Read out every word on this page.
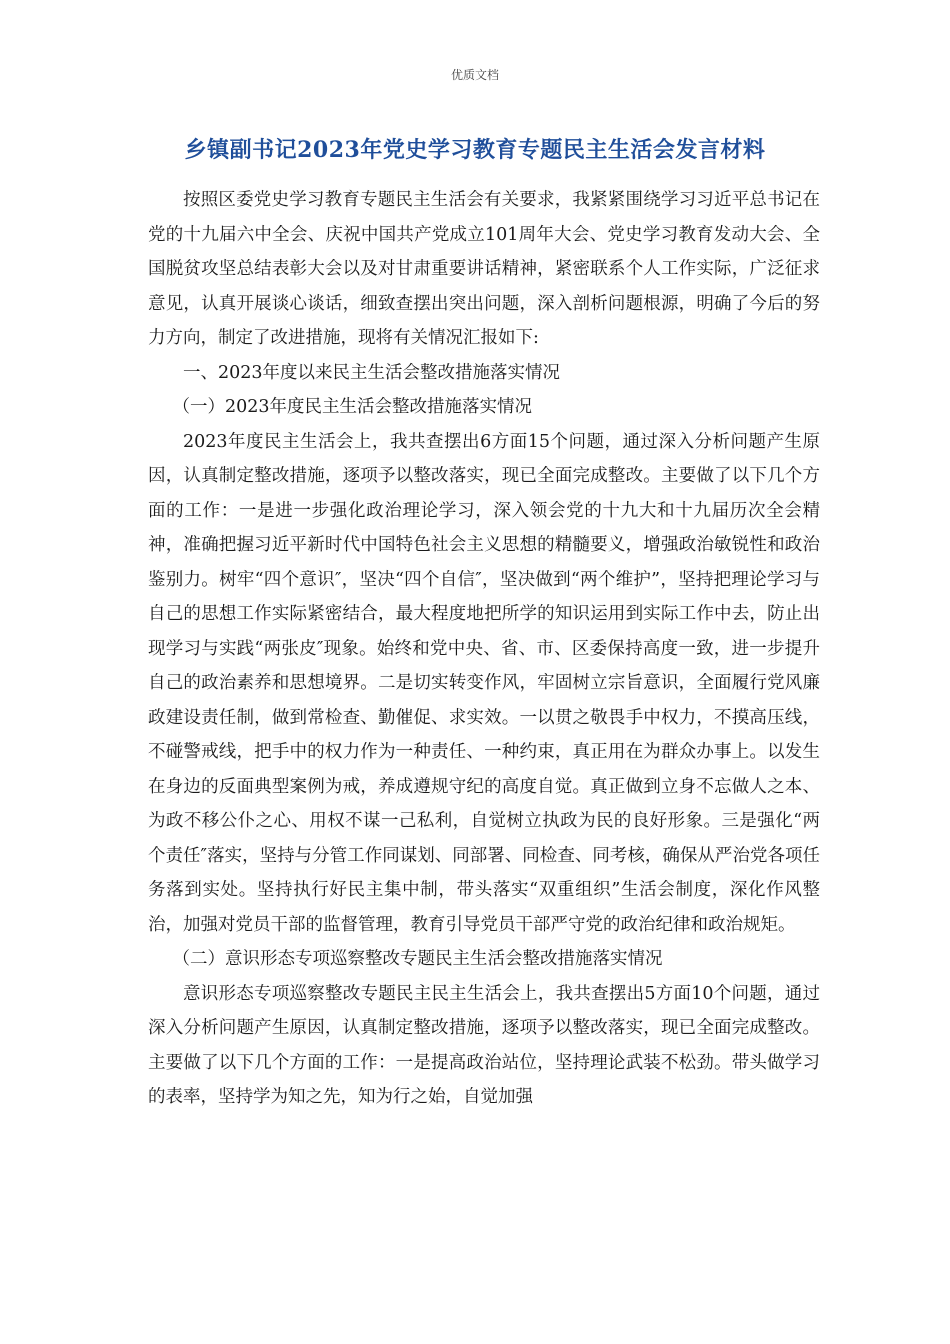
优质文档
乡镇副书记2023年党史学习教育专题民主生活会发言材料

按照区委党史学习教育专题民主生活会有关要求，我紧紧围绕学习习近平总书记在党的十九届六中全会、庆祝中国共产党成立101周年大会、党史学习教育发动大会、全国脱贫攻坚总结表彰大会以及对甘肃重要讲话精神，紧密联系个人工作实际，广泛征求意见，认真开展谈心谈话，细致查摆出突出问题，深入剖析问题根源，明确了今后的努力方向，制定了改进措施，现将有关情况汇报如下:

一、2023年度以来民主生活会整改措施落实情况

（一）2023年度民主生活会整改措施落实情况

2023年度民主生活会上，我共查摆出6方面15个问题，通过深入分析问题产生原因，认真制定整改措施，逐项予以整改落实，现已全面完成整改。主要做了以下几个方面的工作：一是进一步强化政治理论学习，深入领会党的十九大和十九届历次全会精神，准确把握习近平新时代中国特色社会主义思想的精髓要义，增强政治敏锐性和政治鉴别力。树牢“四个意识″，坚决“四个自信″，坚决做到“两个维护”，坚持把理论学习与自己的思想工作实际紧密结合，最大程度地把所学的知识运用到实际工作中去，防止出现学习与实践“两张皮″现象。始终和党中央、省、市、区委保持高度一致，进一步提升自己的政治素养和思想境界。二是切实转变作风，牢固树立宗旨意识，全面履行党风廉政建设责任制，做到常检查、勤催促、求实效。一以贯之敬畏手中权力，不摸高压线，不碰警戒线，把手中的权力作为一种责任、一种约束，真正用在为群众办事上。以发生在身边的反面典型案例为戒，养成遵规守纪的高度自觉。真正做到立身不忘做人之本、为政不移公仆之心、用权不谋一己私利，自觉树立执政为民的良好形象。三是强化“两个责任″落实，坚持与分管工作同谋划、同部署、同检查、同考核，确保从严治党各项任务落到实处。坚持执行好民主集中制，带头落实“双重组织”生活会制度，深化作风整治，加强对党员干部的监督管理，教育引导党员干部严守党的政治纪律和政治规矩。

（二）意识形态专项巡察整改专题民主生活会整改措施落实情况

意识形态专项巡察整改专题民主民主生活会上，我共查摆出5方面10个问题，通过深入分析问题产生原因，认真制定整改措施，逐项予以整改落实，现已全面完成整改。主要做了以下几个方面的工作：一是提高政治站位，坚持理论武装不松劲。带头做学习的表率，坚持学为知之先，知为行之始，自觉加强
